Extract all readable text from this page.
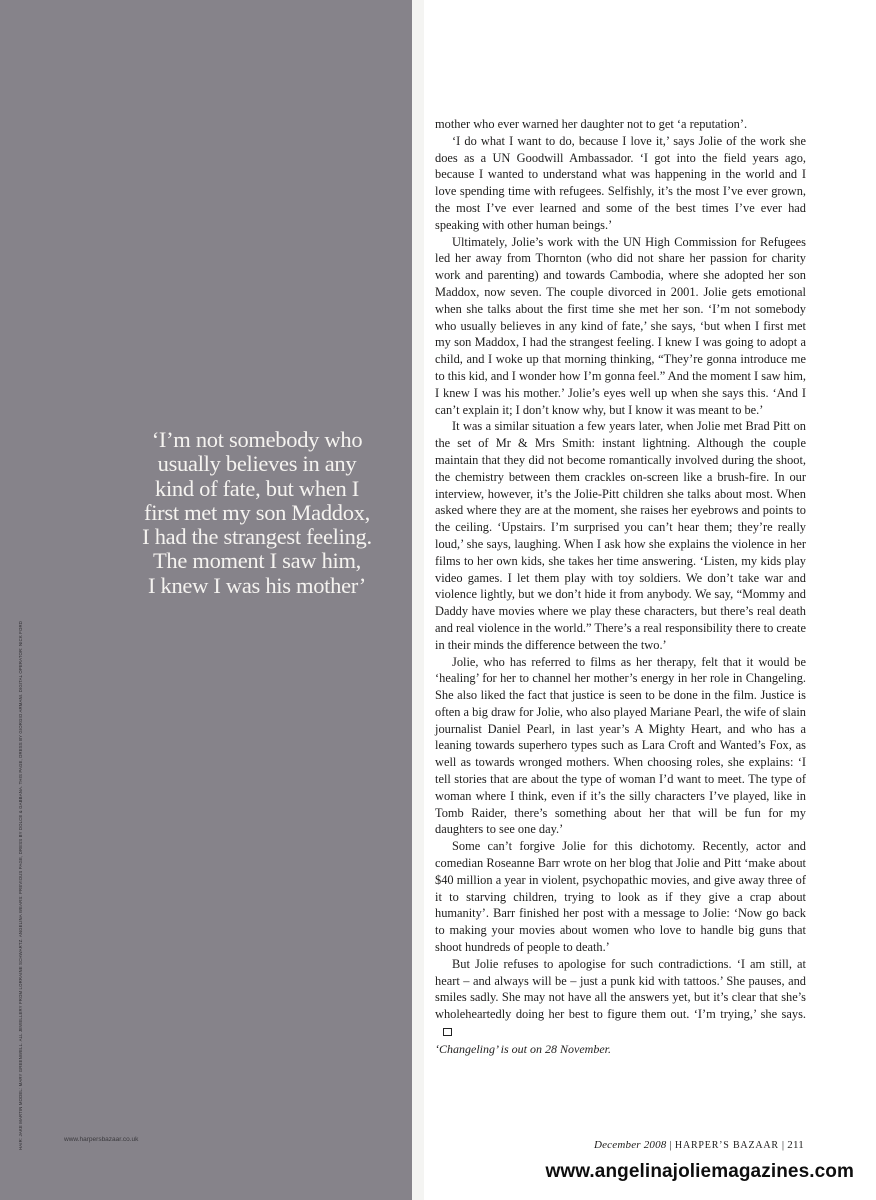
‘I’m not somebody who
usually believes in any
kind of fate, but when I
first met my son Maddox,
I had the strangest feeling.
The moment I saw him,
I knew I was his mother’
HAIR: JAKE MARTIN MODEL: MARY GREENWELL. ALL JEWELLERY FROM LORRAINE SCHWARTZ. ANGELINA WEARS: PREVIOUS PAGE, DRESS BY DOLCE & GABBANA. THIS PAGE, DRESS BY GIORGIO ARMANI. DIGITAL OPERATOR: NICK FORD	www.harpersbazaar.co.uk

mother who ever warned her daughter not to get ‘a reputation’.

‘I do what I want to do, because I love it,’ says Jolie of the work she does as a UN Goodwill Ambassador. ‘I got into the field years ago, because I wanted to understand what was happening in the world and I love spending time with refugees. Selfishly, it’s the most I’ve ever grown, the most I’ve ever learned and some of the best times I’ve ever had speaking with other human beings.’

Ultimately, Jolie’s work with the UN High Commission for Refugees led her away from Thornton (who did not share her passion for charity work and parenting) and towards Cambodia, where she adopted her son Maddox, now seven. The couple divorced in 2001. Jolie gets emotional when she talks about the first time she met her son. ‘I’m not somebody who usually believes in any kind of fate,’ she says, ‘but when I first met my son Maddox, I had the strangest feeling. I knew I was going to adopt a child, and I woke up that morning thinking, “They’re gonna introduce me to this kid, and I wonder how I’m gonna feel.” And the moment I saw him, I knew I was his mother.’ Jolie’s eyes well up when she says this. ‘And I can’t explain it; I don’t know why, but I know it was meant to be.’

It was a similar situation a few years later, when Jolie met Brad Pitt on the set of Mr & Mrs Smith: instant lightning. Although the couple maintain that they did not become romantically involved during the shoot, the chemistry between them crackles on-screen like a brush-fire. In our interview, however, it’s the Jolie-Pitt children she talks about most. When asked where they are at the moment, she raises her eyebrows and points to the ceiling. ‘Upstairs. I’m surprised you can’t hear them; they’re really loud,’ she says, laughing. When I ask how she explains the violence in her films to her own kids, she takes her time answering. ‘Listen, my kids play video games. I let them play with toy soldiers. We don’t take war and violence lightly, but we don’t hide it from anybody. We say, “Mommy and Daddy have movies where we play these characters, but there’s real death and real violence in the world.” There’s a real responsibility there to create in their minds the difference between the two.’

Jolie, who has referred to films as her therapy, felt that it would be ‘healing’ for her to channel her mother’s energy in her role in Changeling. She also liked the fact that justice is seen to be done in the film. Justice is often a big draw for Jolie, who also played Mariane Pearl, the wife of slain journalist Daniel Pearl, in last year’s A Mighty Heart, and who has a leaning towards superhero types such as Lara Croft and Wanted’s Fox, as well as towards wronged mothers. When choosing roles, she explains: ‘I tell stories that are about the type of woman I’d want to meet. The type of woman where I think, even if it’s the silly characters I’ve played, like in Tomb Raider, there’s something about her that will be fun for my daughters to see one day.’

Some can’t forgive Jolie for this dichotomy. Recently, actor and comedian Roseanne Barr wrote on her blog that Jolie and Pitt ‘make about $40 million a year in violent, psychopathic movies, and give away three of it to starving children, trying to look as if they give a crap about humanity’. Barr finished her post with a message to Jolie: ‘Now go back to making your movies about women who love to handle big guns that shoot hundreds of people to death.’

But Jolie refuses to apologise for such contradictions. ‘I am still, at heart – and always will be – just a punk kid with tattoos.’ She pauses, and smiles sadly. She may not have all the answers yet, but it’s clear that she’s wholeheartedly doing her best to figure them out. ‘I’m trying,’ she says.

‘Changeling’ is out on 28 November.
December 2008 | HARPER’S BAZAAR | 211
www.angelinajoliemagazines.com
